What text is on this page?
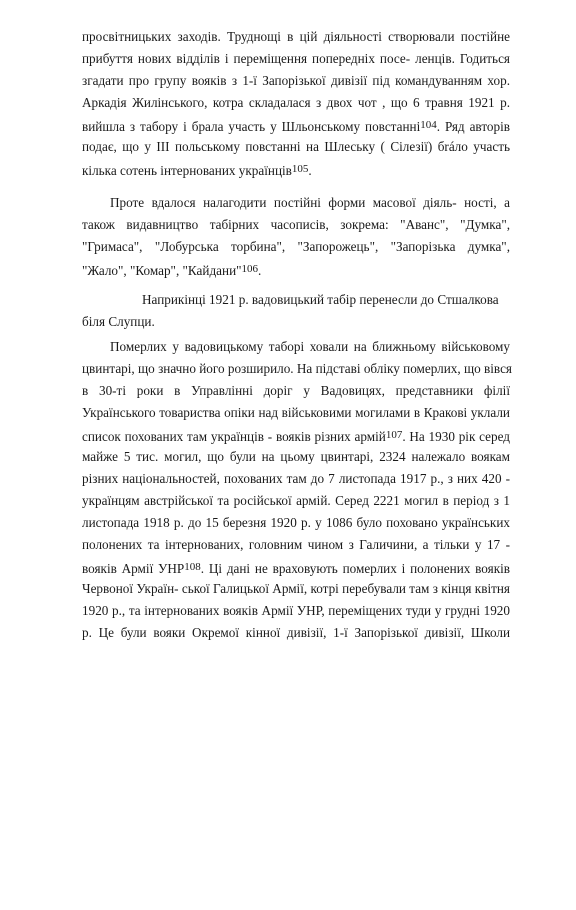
просвітницьких заходів. Труднощі в цій діяльності створювали постійне
прибуття нових відділів і переміщення попередніх посе- ленців. Годиться
згадати про групу вояків з 1-ї Запорізької дивізії під командуванням хор.
Аркадія Жилінського, котра складалася з двох чот , що 6 травня 1921 р.
вийшла з табору і брала участь у Шльонському повстанні$^{104}$. Ряд авторів
подає, що у III польському повстанні на Шлеську ( Сілезії) бráло участь
кілька сотень інтернованих українців$^{105}$.
Проте вдалося налагодити постійні форми масової діяль- ності, а
також видавництво табірних часописів, зокрема: "Аванс", "Думка",
"Гримаса", "Лобурська торбина", "Запорожець", "Запорізька думка",
"Жало", "Комар", "Кайдани"$^{106}$.
Наприкінці 1921 р. вадовицький табір перенесли до Стшалкова
біля Слупци.
Померлих у вадовицькому таборі ховали на ближньому військовому
цвинтарі, що значно його розширило. На підставі обліку померлих, що вівся
в 30-ті роки в Управлінні доріг у Вадовицях, представники філії
Українського товариства опіки над військовими могилами в Кракові уклали
список похованих там українців - вояків різних армій$^{107}$. На 1930 рік серед
майже 5 тис. могил, що були на цьому цвинтарі, 2324 належало воякам
різних національностей, похованих там до 7 листопада 1917 р., з них 420 -
українцям австрійської та російської армій. Серед 2221 могил в період з 1
листопада 1918 р. до 15 березня 1920 р. у 1086 було поховано українських
полонених та інтернованих, головним чином з Галичини, а тільки у 17 -
вояків Армії УНР$^{108}$. Ці дані не враховують померлих і полонених вояків
Червоної Україн- ської Галицької Армії, котрі перебували там з кінця квітня
1920 р., та інтернованих вояків Армії УНР, переміщених туди у грудні 1920
р. Це були вояки Окремої кінної дивізії, 1-ї Запорізької дивізії, Школи
